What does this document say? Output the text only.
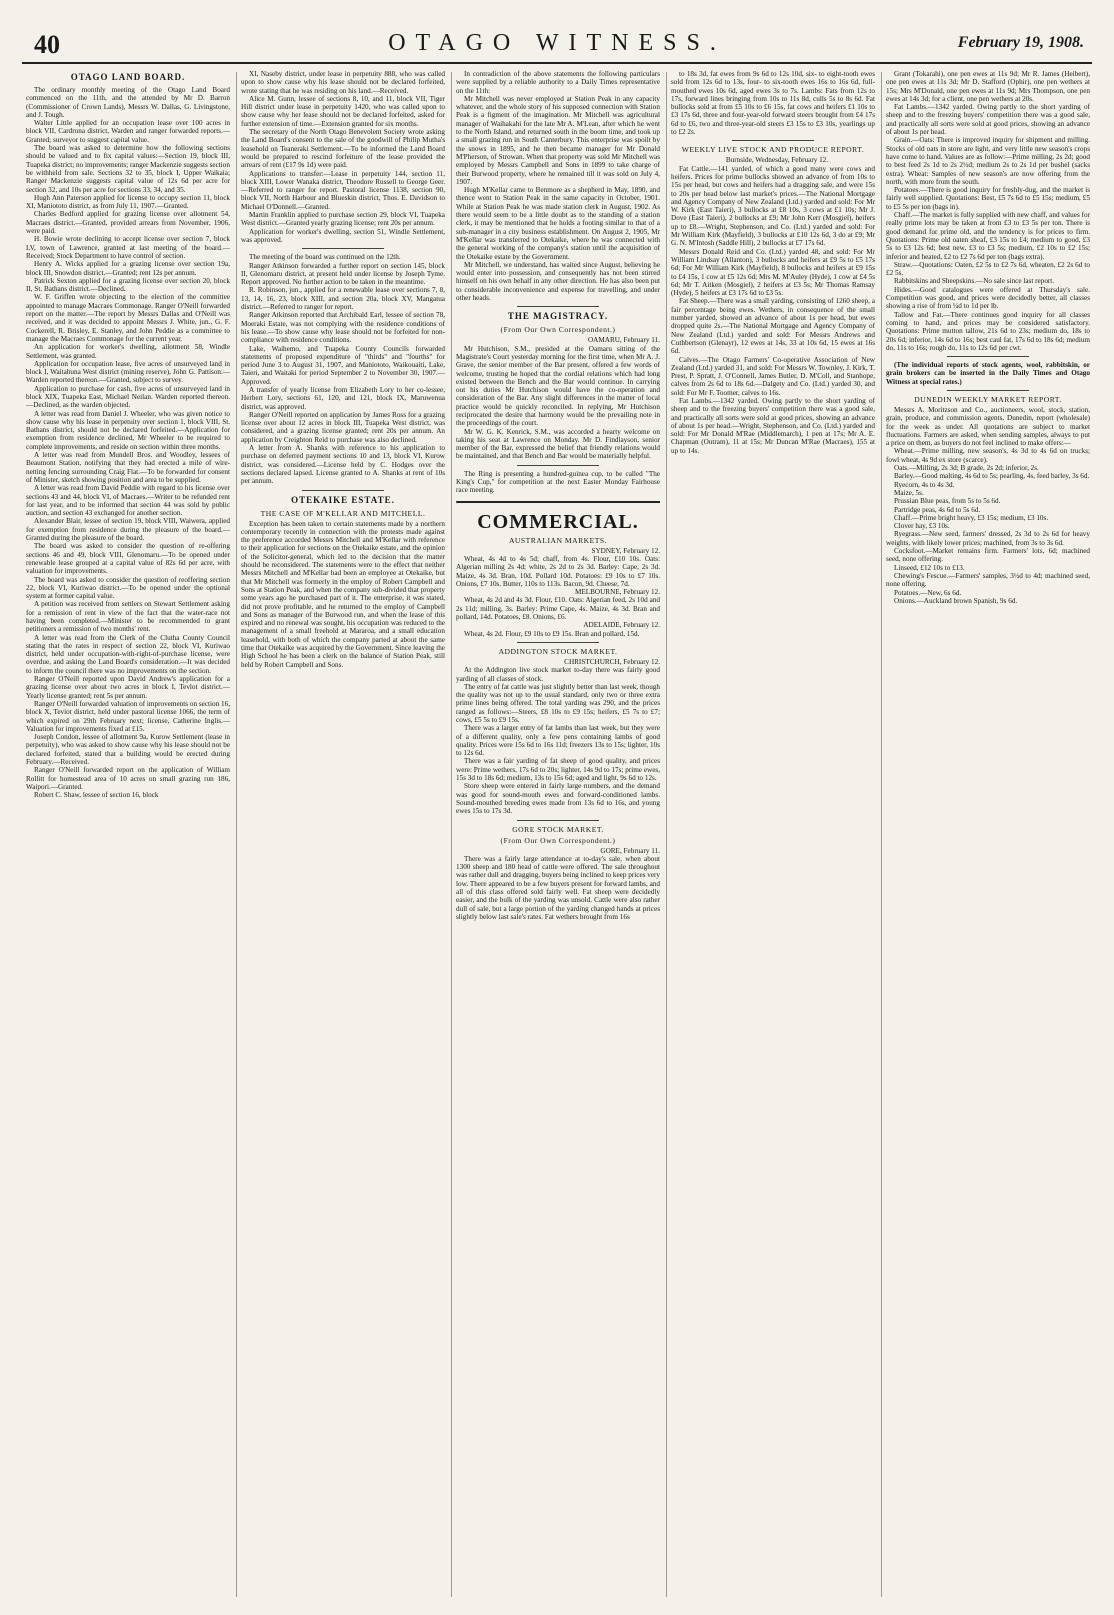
40	OTAGO WITNESS.	February 19, 1908.
OTAGO LAND BOARD.

The ordinary monthly meeting of the Otago Land Board commenced on the 11th, and the attended by Mr D. Barron (Commissioner of Crown Lands), Messrs W. Dallas, G. Livingstone, and J. Tough.

Walter Little applied for an occupation lease over 100 acres in block VII, Cardrona district, Warden and ranger forwarded reports.—Granted; surveyor to suggest capital value.

The board was asked to determine how the following sections should be valued and to fix capital values:—Section 19, block III, Tuapeka district; no improvements; ranger Mackenzie suggests section be withheld from sale. Sections 32 to 35, block I, Upper Waikaia; Ranger Mackenzie suggests capital value of 12s 6d per acre for section 32, and 10s per acre for sections 33, 34, and 35.

Hugh Ann Paterson applied for license to occupy section 11, block XI, Maniototo district, as from July 11, 1907.—Granted.

Charles Bedford applied for grazing license over allotment 54, Macraes district.—Granted, provided arrears from November, 1906, were paid.

H. Bowie wrote declining to accept license over section 7, block LV, town of Lawrence, granted at last meeting of the board.—Received; Stock Department to have control of section.

Henry A. Wicks applied for a grazing license over section 19a, block III, Snowdon district.—Granted; rent 12s per annum.

Patrick Sexton applied for a grazing license over section 20, block II, St. Bathans district.—Declined.

W. F. Griffen wrote objecting to the election of the committee appointed to manage Macraes Commonage. Ranger O'Neill forwarded report on the matter.—The report by Messrs Dallas and O'Neill was received, and it was decided to appoint Messrs J. White, jun., G. F. Cockerell, R. Brisley, E. Stanley, and John Peddie as a committee to manage the Macraes Commonage for the current year.

An application for worker's dwelling, allotment 58, Windle Settlement, was granted.

Application for occupation lease, five acres of unsurveyed land in block I, Waitahuna West district (mining reserve), John G. Pattison.—Warden reported thereon.—Granted, subject to survey.

Application to purchase for cash, five acres of unsurveyed land in block XIX, Tuapeka East, Michael Neilan. Warden reported thereon.—Declined, as the warden objected.

A letter was read from Daniel J. Wheeler, who was given notice to show cause why his lease in perpetuity over section 1, block VIII, St. Bathans district, should not be declared forfeited.—Application for exemption from residence declined, Mr Wheeler to be required to complete improvements, and reside on section within three months.

A letter was read from Mundell Bros. and Woodley, lessees of Beaumont Station, notifying that they had erected a mile of wire-netting fencing surrounding Craig Flat.—To be forwarded for consent of Minister, sketch showing position and area to be supplied.

A letter was read from David Peddie with regard to his license over sections 43 and 44, block VI, of Macraes.—Writer to be refunded rent for last year, and to be informed that section 44 was sold by public auction, and section 43 exchanged for another section.

Alexander Blair, lessee of section 19, block VIII, Waiwera, applied for exemption from residence during the pleasure of the board.—Granted during the pleasure of the board.

The board was asked to consider the question of re-offering sections 46 and 49, block VIII, Glenomaru.—To be opened under renewable lease grouped at a capital value of 82s 6d per acre, with valuation for improvements.

The board was asked to consider the question of reoffering section 22, block VI, Kuriwao district.—To be opened under the optional system at former capital value.

A petition was received from settlers on Stewart Settlement asking for a remission of rent in view of the fact that the water-race not having been completed.—Minister to be recommended to grant petitioners a remission of two months' rent.

A letter was read from the Clerk of the Clutha County Council stating that the rates in respect of section 22, block VI, Kuriwao district, held under occupation-with-right-of-purchase license, were overdue, and asking the Land Board's consideration.—It was decided to inform the council there was no improvements on the section.

Ranger O'Neill reported upon David Andrew's application for a grazing license over about two acres in block I, Tevlot district.—Yearly license granted; rent 5s per annum.

Ranger O'Neill forwarded valuation of improvements on section 16, block X, Teviot district, held under pastoral license 1066, the term of which expired on 29th February next; license, Catherine Inglis.—Valuation for improvements fixed at £15.

Joseph Condon, lessee of allotment 9a, Kurow Settlement (lease in perpetuity), who was asked to show cause why his lease should not be declared forfeited, stated that a building would be erected during February.—Received.

Ranger O'Neill forwarded report on the application of William Rollitt for homestead area of 10 acres on small grazing run 186, Waipori.—Granted.

Robert C. Shaw, lessee of section 16, block

XI, Naseby district, under lease in perpetuity 888, who was called upon to show cause why his lease should not be declared forfeited, wrote stating that he was residing on his land.—Received.

Alice M. Gunn, lessee of sections 8, 10, and 11, block VII, Tiger Hill district under lease in perpetuity 1420, who was called upon to show cause why her lease should not be declared forfeited, asked for further extension of time.—Extension granted for six months.

The secretary of the North Otago Benevolent Society wrote asking the Land Board's consent to the sale of the goodwill of Philip Mutha's leasehold on Teaneraki Settlement.—To be informed the Land Board would be prepared to rescind forfeiture of the lease provided the arrears of rent (£17 9s 1d) were paid.

Applications to transfer:—Lease in perpetuity 144, section 11, block XIII, Lower Wanaka district, Theodore Russell to George Geer.—Referred to ranger for report. Pastoral license 1138, section 90, block VII, North Harbour and Blueskin district, Thos. E. Davidson to Michael O'Donnell.—Granted.

Martin Franklin applied to purchase section 29, block VI, Tuapeka West district.—Granted yearly grazing license; rent 20s per annum.

Application for worker's dwelling, section 51, Windle Settlement, was approved.

The meeting of the board was continued on the 12th.

Ranger Atkinson forwarded a further report on section 145, block II, Glenomaru district, at present held under license by Joseph Tyme. Report approved. No further action to be taken in the meantime.

R. Robinson, jun., applied for a renewable lease over sections 7, 8, 13, 14, 16, 23, block XIII, and section 20a, block XV, Mangatua district.—Referred to ranger for report.

Ranger Atkinson reported that Archibald Earl, lessee of section 78, Moeraki Estate, was not complying with the residence conditions of his lease.—To show cause why lease should not be forfeited for non-compliance with residence conditions.

Lake, Waihemo, and Tuapeka County Councils forwarded statements of proposed expenditure of "thirds" and "fourths" for period June 3 to August 31, 1907, and Maniototo, Waikouaiti, Lake, Taieri, and Waitaki for period September 2 to November 30, 1907.—Approved.

A transfer of yearly license from Elizabeth Lory to her co-lessee, Herbert Lory, sections 61, 120, and 121, block IX, Maruwenua district, was approved.

Ranger O'Neill reported on application by James Ross for a grazing license over about 12 acres in block III, Tuapeka West district, was considered, and a grazing license granted; rent 20s per annum. An application by Creighton Reid to purchase was also declined.

A letter from A. Shanks with reference to his application to purchase on deferred payment sections 10 and 13, block VI, Kurow district, was considered.—License held by C. Hodges over the sections declared lapsed. License granted to A. Shanks at rent of 10s per annum.

OTEKAIKE ESTATE.
THE CASE OF M'KELLAR AND MITCHELL.

Exception has been taken to certain statements made by a northern contemporary recently in connection with the protests made against the preference accorded Messrs Mitchell and M'Kellar with reference to their application for sections on the Otekaike estate, and the opinion of the Solicitor-general, which led to the decision that the matter should be reconsidered. The statements were to the effect that neither Messrs Mitchell and M'Kellar had been an employee at Otekaike, but that Mr Mitchell was formerly in the employ of Robert Campbell and Sons at Station Peak, and when the company sub-divided that property some years ago he purchased part of it. The enterprise, it was stated, did not prove profitable, and he returned to the employ of Campbell and Sons as manager of the Burwood run, and when the lease of this expired and no renewal was sought, his occupation was reduced to the management of a small freehold at Mararoa, and a small education leasehold, with both of which the company parted at about the same time that Otekaike was acquired by the Government. Since leaving the High School he has been a clerk on the balance of Station Peak, still held by Robert Campbell and Sons.

In contradiction of the above statements the following particulars were supplied by a reliable authority to a Daily Times representative on the 11th:

Mr Mitchell was never employed at Station Peak in any capacity whatever, and the whole story of his supposed connection with Station Peak is a figment of the imagination. Mr Mitchell was agricultural manager of Waihakahi for the late Mr A. M'Lean, after which he went to the North Island, and returned south in the boom time, and took up a small grazing run in South Canterbury. This enterprise was spoilt by the snows in 1895, and he then became manager for Mr Donald M'Pherson, of Strowan. When that property was sold Mr Mitchell was employed by Messrs Campbell and Sons in 1899 to take charge of their Burwood property, where he remained till it was sold on July 4, 1907.

Hugh M'Kellar came to Benmore as a shepherd in May, 1890, and thence went to Station Peak in the same capacity in October, 1901. While at Station Peak he was made station clerk in August, 1902. As there would seem to be a little doubt as to the standing of a station clerk, it may be mentioned that he holds a footing similar to that of a sub-manager in a city business establishment. On August 2, 1905, Mr M'Kellar was transferred to Otekaike, where he was connected with the general working of the company's station until the acquisition of the Otekaike estate by the Government.

Mr Mitchell, we understand, has waited since August, believing he would enter into possession, and consequently has not been stirred himself on his own behalf in any other direction. He has also been put to considerable inconvenience and expense for travelling, and under other heads.

THE MAGISTRACY.
(From Our Own Correspondent.)

OAMARU, February 11.

Mr Hutchison, S.M., presided at the Oamaru sitting of the Magistrate's Court yesterday morning for the first time, when Mr A. J. Grave, the senior member of the Bar present, offered a few words of welcome, trusting he hoped that the cordial relations which had long existed between the Bench and the Bar would continue. In carrying out his duties Mr Hutchison would have the co-operation and consideration of the Bar. Any slight differences in the matter of local practice would be quickly reconciled. In replying, Mr Hutchison reciprocated the desire that harmony would be the prevailing note in the proceedings of the court.

Mr W. G. K. Kenrick, S.M., was accorded a hearty welcome on taking his seat at Lawrence on Monday. Mr D. Findlayson, senior member of the Bar, expressed the belief that friendly relations would be maintained, and that Bench and Bar would be materially helpful.

The Ring is presenting a hundred-guinea cup, to be called "The King's Cup," for competition at the next Easter Monday Fairhouse race meeting.

COMMERCIAL.
AUSTRALIAN MARKETS.

SYDNEY, February 12.

Wheat, 4s 4d to 4s 5d; chaff, from 4s. Flour, £10 10s. Oats: Algerian milling 2s 4d; white, 2s 2d to 2s 3d. Barley: Cape, 2s 3d. Maize, 4s 3d. Bran, 10d. Pollard 10d. Potatoes: £9 10s to £7 10s. Onions, £7 10s. Butter, 110s to 113s. Bacon, 9d. Cheese, 7d.

MELBOURNE, February 12.

Wheat, 4s 2d and 4s 3d. Flour, £10. Oats: Algerian feed, 2s 10d and 2s 11d; milling, 3s. Barley: Prime Cape, 4s. Maize, 4s 3d. Bran and pollard, 14d. Potatoes, £8. Onions, £6.

ADELAIDE, February 12.

Wheat, 4s 2d. Flour, £9 10s to £9 15s. Bran and pollard, 15d.

ADDINGTON STOCK MARKET.

CHRISTCHURCH, February 12.

At the Addington live stock market to-day there was fairly good yarding of all classes of stock.

The entry of fat cattle was just slightly better than last week, though the quality was not up to the usual standard, only two or three extra prime lines being offered. The total yarding was 290, and the prices ranged as follows:—Steers, £8 10s to £9 15s; heifers, £5 7s to £7; cows, £5 5s to £9 15s.

There was a larger entry of fat lambs than last week, but they were of a different quality, only a few pens containing lambs of good quality. Prices were 15s 6d to 16s 11d; freezers 13s to 15s; lighter, 10s to 12s 6d.

There was a fair yarding of fat sheep of good quality, and prices were: Prime wethers, 17s 6d to 20s; lighter, 14s 9d to 17s; prime ewes, 15s 3d to 18s 6d; medium, 13s to 15s 6d; aged and light, 9s 6d to 12s.

Store sheep were entered in fairly large numbers, and the demand was good for sound-mouth ewes and forward-conditioned lambs. Sound-mouthed breeding ewes made from 13s 6d to 16s, and young ewes 15s to 17s 3d.

GORE STOCK MARKET.
(From Our Own Correspondent.)

GORE, February 11.

There was a fairly large attendance at to-day's sale, when about 1300 sheep and 180 head of cattle were offered. The sale throughout was rather dull and dragging, buyers being inclined to keep prices very low. There appeared to be a few buyers present for forward lambs, and all of this class offered sold fairly well. Fat sheep were decidedly easier, and the bulk of the yarding was unsold. Cattle were also rather dull of sale, but a large portion of the yarding changed hands at prices slightly below last sale's rates. Fat wethers brought from 16s

to 18s 3d, fat ewes from 9s 6d to 12s 10d, six- to eight-tooth ewes sold from 12s 6d to 13s, four- to six-tooth ewes 16s to 16s 6d, full-mouthed ewes 10s 6d, aged ewes 3s to 7s. Lambs: Fats from 12s to 17s, forward lines bringing from 10s to 11s 8d, culls 5s to 8s 6d. Fat bullocks sold at from £5 10s to £6 15s, fat cows and heifers £1 10s to £3 17s 6d, three and four-year-old forward steers brought from £4 17s 6d to £6, two and three-year-old steers £3 15s to £3 10s, yearlings up to £2 2s.

WEEKLY LIVE STOCK AND PRODUCE REPORT.

Burnside, Wednesday, February 12.

Fat Cattle.—141 yarded, of which a good many were cows and heifers. Prices for prime bullocks showed an advance of from 10s to 15s per head, but cows and heifers had a dragging sale, and were 15s to 20s per head below last market's prices.—The National Mortgage and Agency Company of New Zealand (Ltd.) yarded and sold: For Mr W. Kirk (East Taieri), 3 bullocks at £8 10s, 3 cows at £1 10s; Mr J. Dove (East Taieri), 2 bullocks at £9; Mr John Kerr (Mosgiel), heifers up to £8.—Wright, Stephenson, and Co. (Ltd.) yarded and sold: For Mr William Kirk (Mayfield), 3 bullocks at £10 12s 6d, 3 do at £9; Mr G. N. M'Intosh (Saddle Hill), 2 bullocks at £7 17s 6d.

Messrs Donald Reid and Co. (Ltd.) yarded 48, and sold: For Mr William Lindsay (Allanton), 3 bullocks and heifers at £9 5s to £5 17s 6d; For Mr William Kirk (Mayfield), 8 bullocks and heifers at £9 15s to £4 15s, 1 cow at £5 12s 6d; Mrs M. M'Auley (Hyde), 1 cow at £4 5s 6d; Mr T. Aitken (Mosgiel), 2 heifers at £3 5s; Mr Thomas Ramsay (Hyde), 5 heifers at £3 17s 6d to £3 5s.

Fat Sheep.—There was a small yarding, consisting of 1260 sheep, a fair percentage being ewes. Wethers, in consequence of the small number yarded, showed an advance of about 1s per head, but ewes dropped quite 2s.—The National Mortgage and Agency Company of New Zealand (Ltd.) yarded and sold: For Messrs Andrews and Cuthbertson (Glenayr), 12 ewes at 14s, 33 at 10s 6d, 15 ewes at 16s 6d.

Calves.—The Otago Farmers' Co-operative Association of New Zealand (Ltd.) yarded 31, and sold: For Messrs W. Townley, J. Kirk, T. Prest, P. Spratt, J. O'Connell, James Butler, D. M'Coll, and Stanhope, calves from 2s 6d to 18s 6d.—Dalgety and Co. (Ltd.) yarded 30, and sold: For Mr F. Toomer, calves to 16s.

Fat Lambs.—1342 yarded. Owing partly to the short yarding of sheep and to the freezing buyers' competition there was a good sale, and practically all sorts were sold at good prices, showing an advance of about 1s per head.—Wright, Stephenson, and Co. (Ltd.) yarded and sold: For Mr Donald M'Rae (Middlemarch), 1 pen at 17s; Mr A. E. Chapman (Outram), 11 at 15s; Mr Duncan M'Rae (Macraes), 155 at up to 14s.

Grant (Tokarahi), one pen ewes at 11s 9d; Mr R. James (Heibert), one pen ewes at 11s 3d; Mr D. Stafford (Ophir), one pen wethers at 15s; Mrs M'Donald, one pen ewes at 11s 9d; Mrs Thompson, one pen ewes at 14s 3d; for a client, one pen wethers at 20s.

Fat Lambs.—1342 yarded. Owing partly to the short yarding of sheep and to the freezing buyers' competition there was a good sale, and practically all sorts were sold at good prices, showing an advance of about 1s per head.

Grain.—Oats: There is improved inquiry for shipment and milling. Stocks of old oats in store are light, and very little new season's crops have come to hand. Values are as follow:—Prime milling, 2s 2d; good to best feed 2s 1d to 2s 2½d; medium 2s to 2s 1d per bushel (sacks extra). Wheat: Samples of new season's are now offering from the north, with more from the south.

Potatoes.—There is good inquiry for freshly-dug, and the market is fairly well supplied. Quotations: Best, £5 7s 6d to £5 15s; medium, £5 to £5 5s per ton (bags in).

Chaff.—The market is fully supplied with new chaff, and values for really prime lots may be taken at from £3 to £3 5s per ton. There is good demand for prime old, and the tendency is for prices to firm. Quotations: Prime old oaten sheaf, £3 15s to £4; medium to good, £3 5s to £3 12s 6d; best new, £3 to £3 5s; medium, £2 10s to £2 15s; inferior and heated, £2 to £2 7s 6d per ton (bags extra).

Straw.—Quotations: Oaten, £2 5s to £2 7s 6d, wheaten, £2 2s 6d to £2 5s.

Rabbitskins and Sheepskins.—No sale since last report.

Hides.—Good catalogues were offered at Thursday's sale. Competition was good, and prices were decidedly better, all classes showing a rise of from ¼d to 1d per lb.

Tallow and Fat.—There continues good inquiry for all classes coming to hand, and prices may be considered satisfactory. Quotations: Prime mutton tallow, 21s 6d to 23s; medium do, 18s to 20s 6d; inferior, 14s 6d to 16s; best caul fat, 17s 6d to 18s 6d; medium do, 11s to 16s; rough do, 11s to 12s 6d per cwt.

(The individual reports of stock agents, wool, rabbitskin, or grain brokers can be inserted in the Daily Times and Otago Witness at special rates.)

DUNEDIN WEEKLY MARKET REPORT.

Messrs A. Moritzson and Co., auctioneers, wool, stock, station, grain, produce, and commission agents, Dunedin, report (wholesale) for the week as under. All quotations are subject to market fluctuations. Farmers are asked, when sending samples, always to put a price on them, as buyers do not feel inclined to make offers:—

Wheat.—Prime milling, new season's, 4s 3d to 4s 6d on trucks; fowl wheat, 4s 9d ex store (scarce).

Oats.—Milling, 2s 3d; B grade, 2s 2d; inferior, 2s.

Barley.—Good malting, 4s 6d to 5s; pearling, 4s, feed barley, 3s 6d.

Ryecorn, 4s to 4s 3d.

Maize, 5s.

Prussian Blue peas, from 5s to 5s 6d.

Partridge peas, 4s 6d to 5s 6d.

Chaff.—Prime bright heavy, £3 15s; medium, £3 10s.

Clover hay, £3 10s.

Ryegrass.—New seed, farmers' dressed, 2s 3d to 2s 6d for heavy weights, with likely lower prices; machined, from 3s to 3s 6d.

Cocksfoot.—Market remains firm. Farmers' lots, 6d; machined seed, none offering.

Linseed, £12 10s to £13.

Chewing's Fescue.—Farmers' samples, 3½d to 4d; machined seed, none offering.

Potatoes.—New, 6s 6d.

Onions.—Auckland brown Spanish, 9s 6d.
